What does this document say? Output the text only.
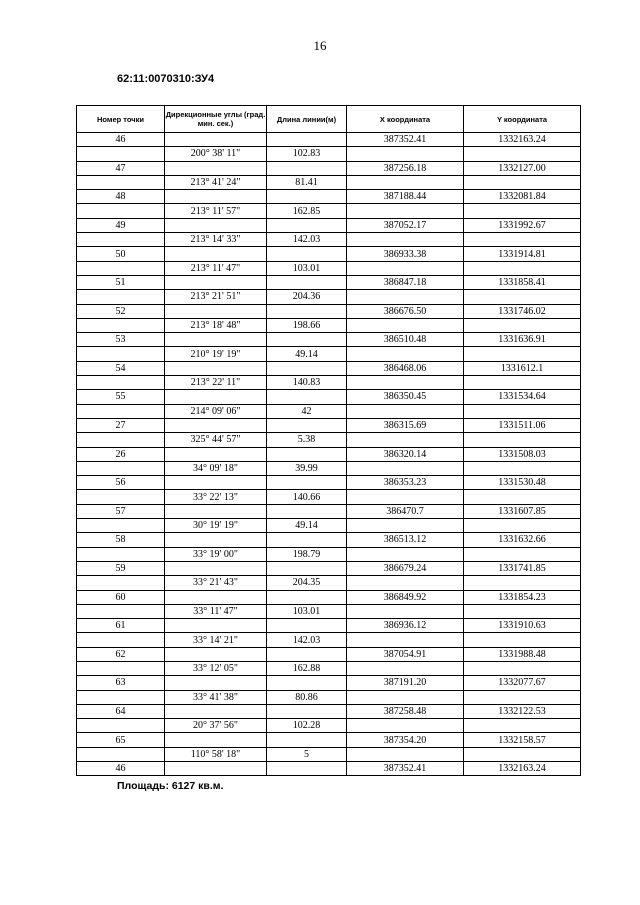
16
62:11:0070310:ЗУ4
Номер точки	Дирекционные углы (град. мин. сек.)	Длина линии(м)	X координата	Y координата
46			387352.41	1332163.24
	200° 38' 11"	102.83		
47			387256.18	1332127.00
	213° 41' 24"	81.41		
48			387188.44	1332081.84
	213° 11' 57"	162.85		
49			387052.17	1331992.67
	213° 14' 33"	142.03		
50			386933.38	1331914.81
	213° 11' 47"	103.01		
51			386847.18	1331858.41
	213° 21' 51"	204.36		
52			386676.50	1331746.02
	213° 18' 48"	198.66		
53			386510.48	1331636.91
	210° 19' 19"	49.14		
54			386468.06	1331612.1
	213° 22' 11"	140.83		
55			386350.45	1331534.64
	214° 09' 06"	42		
27			386315.69	1331511.06
	325° 44' 57"	5.38		
26			386320.14	1331508.03
	34° 09' 18"	39.99		
56			386353.23	1331530.48
	33° 22' 13"	140.66		
57			386470.7	1331607.85
	30° 19' 19"	49.14		
58			386513.12	1331632.66
	33° 19' 00"	198.79		
59			386679.24	1331741.85
	33° 21' 43"	204.35		
60			386849.92	1331854.23
	33° 11' 47"	103.01		
61			386936.12	1331910.63
	33° 14' 21"	142.03		
62			387054.91	1331988.48
	33° 12' 05"	162.88		
63			387191.20	1332077.67
	33° 41' 38"	80.86		
64			387258.48	1332122.53
	20° 37' 56"	102.28		
65			387354.20	1332158.57
	110° 58' 18"	5		
46			387352.41	1332163.24
Площадь: 6127 кв.м.
